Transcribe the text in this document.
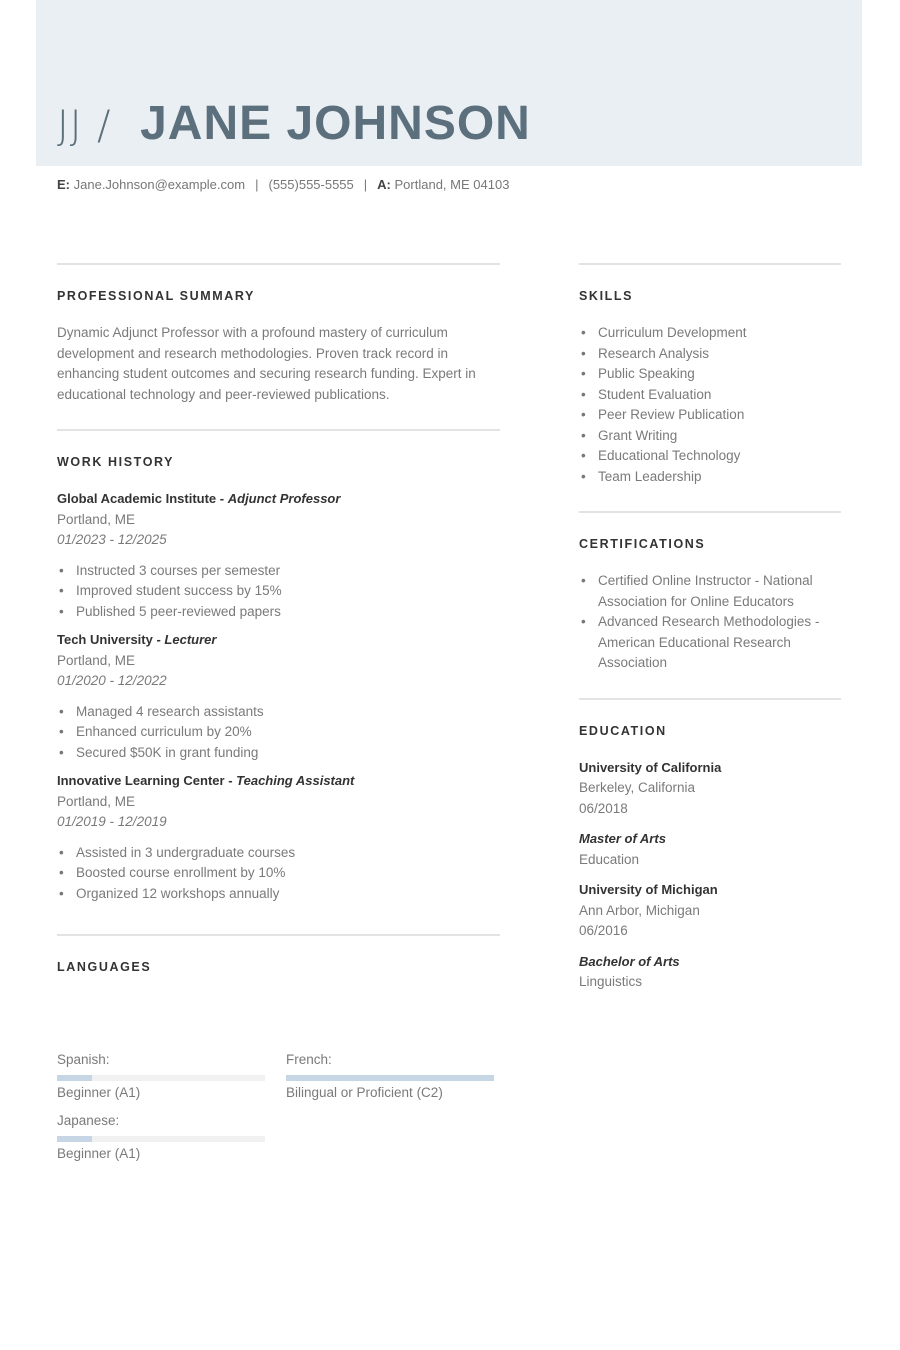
JJ / JANE JOHNSON
E: Jane.Johnson@example.com | (555)555-5555 | A: Portland, ME 04103
PROFESSIONAL SUMMARY

Dynamic Adjunct Professor with a profound mastery of curriculum development and research methodologies. Proven track record in enhancing student outcomes and securing research funding. Expert in educational technology and peer-reviewed publications.

WORK HISTORY
Global Academic Institute - Adjunct Professor
Portland, ME
01/2023 - 12/2025
• Instructed 3 courses per semester
• Improved student success by 15%
• Published 5 peer-reviewed papers
Tech University - Lecturer
Portland, ME
01/2020 - 12/2022
• Managed 4 research assistants
• Enhanced curriculum by 20%
• Secured $50K in grant funding
Innovative Learning Center - Teaching Assistant
Portland, ME
01/2019 - 12/2019
• Assisted in 3 undergraduate courses
• Boosted course enrollment by 10%
• Organized 12 workshops annually
LANGUAGES
Spanish:
Beginner (A1)
French:
Bilingual or Proficient (C2)
Japanese:
Beginner (A1)
SKILLS
• Curriculum Development
• Research Analysis
• Public Speaking
• Student Evaluation
• Peer Review Publication
• Grant Writing
• Educational Technology
• Team Leadership
CERTIFICATIONS
• Certified Online Instructor - National Association for Online Educators
• Advanced Research Methodologies - American Educational Research Association
EDUCATION
University of California
Berkeley, California
06/2018
Master of Arts
Education
University of Michigan
Ann Arbor, Michigan
06/2016
Bachelor of Arts
Linguistics
